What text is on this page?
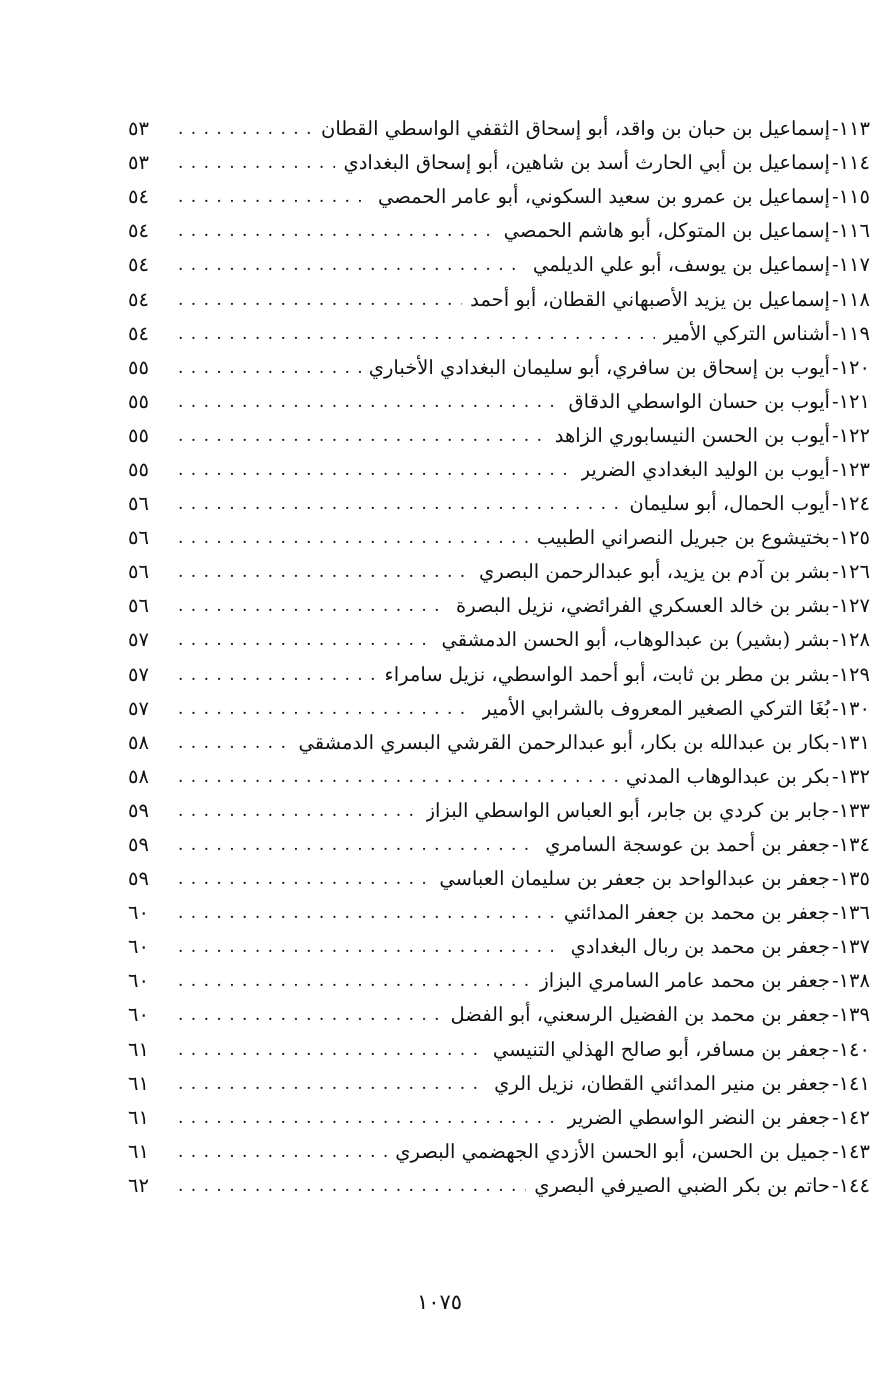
١١٣-
إسماعيل بن حبان بن واقد، أبو إسحاق الثقفي الواسطي القطان
. . .
٥٣
١١٤-
إسماعيل بن أبي الحارث أسد بن شاهين، أبو إسحاق البغدادي
. . .
٥٣
١١٥-
إسماعيل بن عمرو بن سعيد السكوني، أبو عامر الحمصي
. . .
٥٤
١١٦-
إسماعيل بن المتوكل، أبو هاشم الحمصي
. . .
٥٤
١١٧-
إسماعيل بن يوسف، أبو علي الديلمي
. . .
٥٤
١١٨-
إسماعيل بن يزيد الأصبهاني القطان، أبو أحمد
. . .
٥٤
١١٩-
أشناس التركي الأمير
. . .
٥٤
١٢٠-
أيوب بن إسحاق بن سافري، أبو سليمان البغدادي الأخباري
. . .
٥٥
١٢١-
أيوب بن حسان الواسطي الدقاق
. . .
٥٥
١٢٢-
أيوب بن الحسن النيسابوري الزاهد
. . .
٥٥
١٢٣-
أيوب بن الوليد البغدادي الضرير
. . .
٥٥
١٢٤-
أيوب الحمال، أبو سليمان
. . .
٥٦
١٢٥-
بختيشوع بن جبريل النصراني الطبيب
. . .
٥٦
١٢٦-
بشر بن آدم بن يزيد، أبو عبدالرحمن البصري
. . .
٥٦
١٢٧-
بشر بن خالد العسكري الفرائضي، نزيل البصرة
. . .
٥٦
١٢٨-
بشر (بشير) بن عبدالوهاب، أبو الحسن الدمشقي
. . .
٥٧
١٢٩-
بشر بن مطر بن ثابت، أبو أحمد الواسطي، نزيل سامراء
. . .
٥٧
١٣٠-
بُغَا التركي الصغير المعروف بالشرابي الأمير
. . .
٥٧
١٣١-
بكار بن عبدالله بن بكار، أبو عبدالرحمن القرشي البسري الدمشقي
. . .
٥٨
١٣٢-
بكر بن عبدالوهاب المدني
. . .
٥٨
١٣٣-
جابر بن كردي بن جابر، أبو العباس الواسطي البزاز
. . .
٥٩
١٣٤-
جعفر بن أحمد بن عوسجة السامري
. . .
٥٩
١٣٥-
جعفر بن عبدالواحد بن جعفر بن سليمان العباسي
. . .
٥٩
١٣٦-
جعفر بن محمد بن جعفر المدائني
. . .
٦٠
١٣٧-
جعفر بن محمد بن ربال البغدادي
. . .
٦٠
١٣٨-
جعفر بن محمد عامر السامري البزاز
. . .
٦٠
١٣٩-
جعفر بن محمد بن الفضيل الرسعني، أبو الفضل
. . .
٦٠
١٤٠-
جعفر بن مسافر، أبو صالح الهذلي التنيسي
. . .
٦١
١٤١-
جعفر بن منير المدائني القطان، نزيل الري
. . .
٦١
١٤٢-
جعفر بن النضر الواسطي الضرير
. . .
٦١
١٤٣-
جميل بن الحسن، أبو الحسن الأزدي الجهضمي البصري
. . .
٦١
١٤٤-
حاتم بن بكر الضبي الصيرفي البصري
. . .
٦٢
١٠٧٥
